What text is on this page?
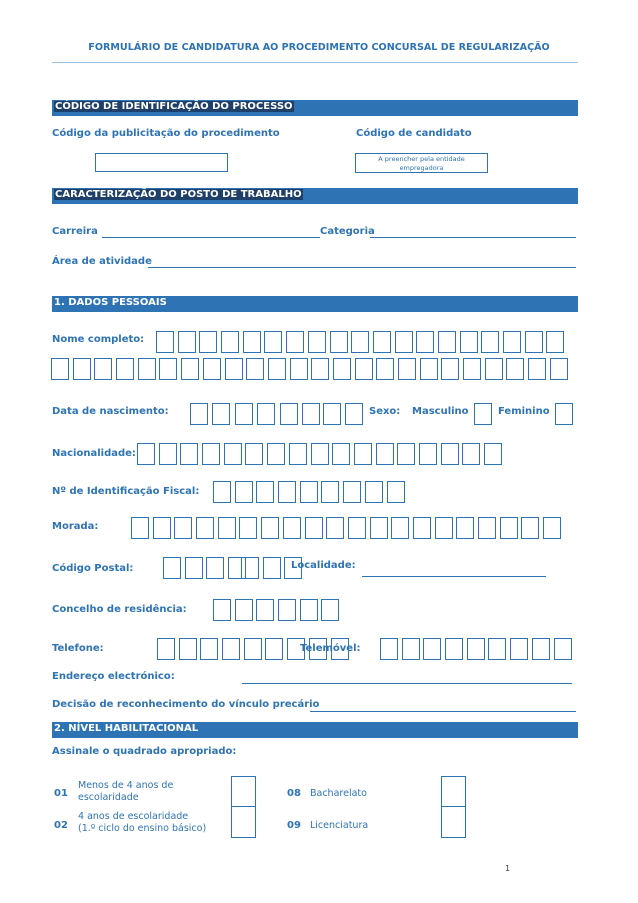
FORMULÁRIO DE CANDIDATURA AO PROCEDIMENTO CONCURSAL DE REGULARIZAÇÃO
CÓDIGO DE IDENTIFICAÇÃO DO PROCESSO
Código da publicitação do procedimento	Código de candidato
A preencher pela entidade empregadora
CARACTERIZAÇÃO DO POSTO DE TRABALHO
Carreira	Categoria
Área de atividade
1. DADOS PESSOAIS
Nome completo:
Data de nascimento:	Sexo: Masculino	Feminino
Nacionalidade:
Nº de Identificação Fiscal:
Morada:
Código Postal:	Localidade:
Concelho de residência:
Telefone:	Telemóvel:
Endereço electrónico:
Decisão de reconhecimento do vínculo precário
2. NÍVEL HABILITACIONAL
Assinale o quadrado apropriado:
01
Menos de 4 anos de
escolaridade
02
4 anos de escolaridade
(1.º ciclo do ensino básico)
08 Bacharelato
09 Licenciatura
1
